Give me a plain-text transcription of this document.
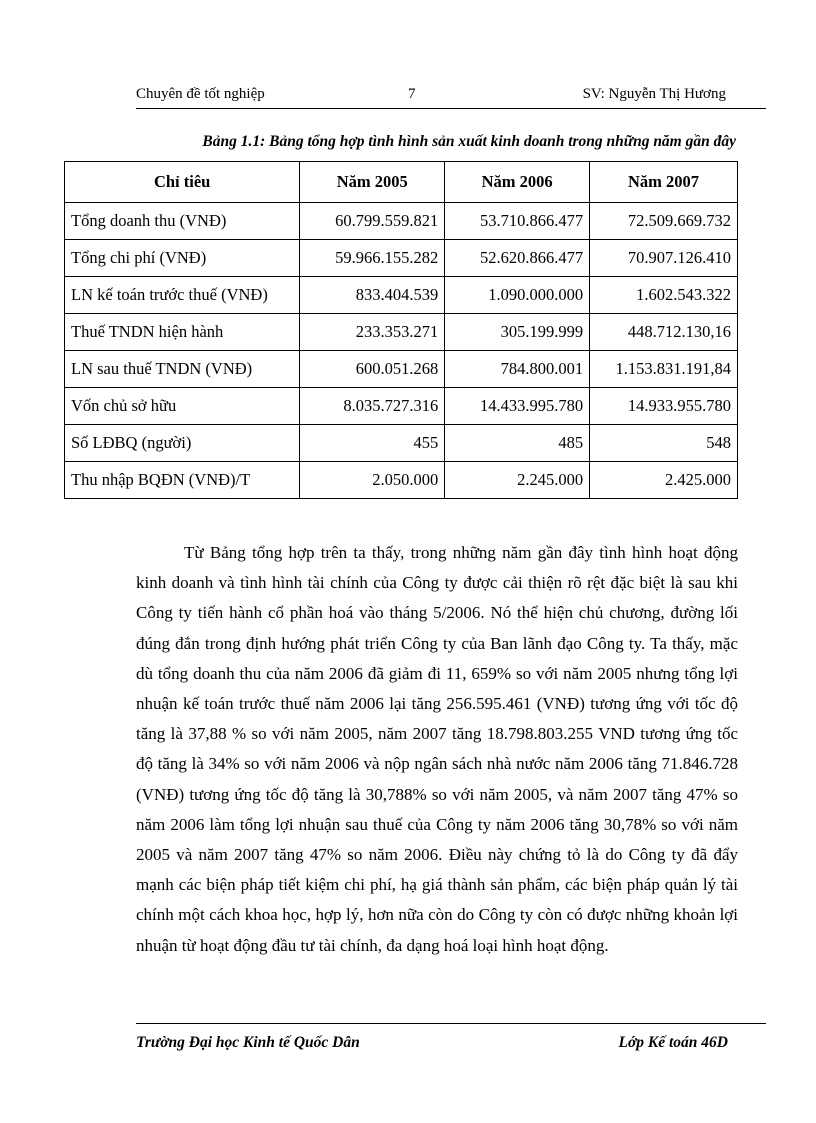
Chuyên đề tốt nghiệp	7	SV: Nguyễn Thị Hương
Bảng 1.1: Bảng tổng hợp tình hình sản xuất kinh doanh trong những năm gần đây
Chỉ tiêu	Năm 2005	Năm 2006	Năm 2007
Tổng doanh thu (VNĐ)	60.799.559.821	53.710.866.477	72.509.669.732
Tổng chi phí (VNĐ)	59.966.155.282	52.620.866.477	70.907.126.410
LN kế toán trước thuế (VNĐ)	833.404.539	1.090.000.000	1.602.543.322
Thuế TNDN hiện hành	233.353.271	305.199.999	448.712.130,16
LN sau thuế TNDN (VNĐ)	600.051.268	784.800.001	1.153.831.191,84
Vốn chủ sở hữu	8.035.727.316	14.433.995.780	14.933.955.780
Số LĐBQ (người)	455	485	548
Thu nhập BQĐN (VNĐ)/T	2.050.000	2.245.000	2.425.000

Từ Bảng tổng hợp trên ta thấy, trong những năm gần đây tình hình hoạt động kinh doanh và tình hình tài chính của Công ty được cải thiện rõ rệt đặc biệt là sau khi Công ty tiến hành cổ phần hoá vào tháng 5/2006. Nó thể hiện chủ chương, đường lối đúng đắn trong định hướng phát triển Công ty của Ban lãnh đạo Công ty. Ta thấy, mặc dù tổng doanh thu của năm 2006 đã giảm đi 11, 659% so với năm 2005 nhưng tổng lợi nhuận kế toán trước thuế năm 2006 lại tăng 256.595.461 (VNĐ) tương ứng với tốc độ tăng là 37,88 % so với năm 2005, năm 2007 tăng 18.798.803.255 VND tương ứng tốc độ tăng là 34% so với năm 2006 và nộp ngân sách nhà nước năm 2006 tăng 71.846.728 (VNĐ) tương ứng tốc độ tăng là 30,788% so với năm 2005, và năm 2007 tăng 47% so năm 2006 làm tổng lợi nhuận sau thuế của Công ty năm 2006 tăng 30,78% so với năm 2005 và năm 2007 tăng 47% so năm 2006. Điều này chứng tỏ là do Công ty đã đẩy mạnh các biện pháp tiết kiệm chi phí, hạ giá thành sản phẩm, các biện pháp quản lý tài chính một cách khoa học, hợp lý, hơn nữa còn do Công ty còn có được những khoản lợi nhuận từ hoạt động đầu tư tài chính, đa dạng hoá loại hình hoạt động.

Trường Đại học Kinh tế Quốc Dân	Lớp Kế toán 46D
